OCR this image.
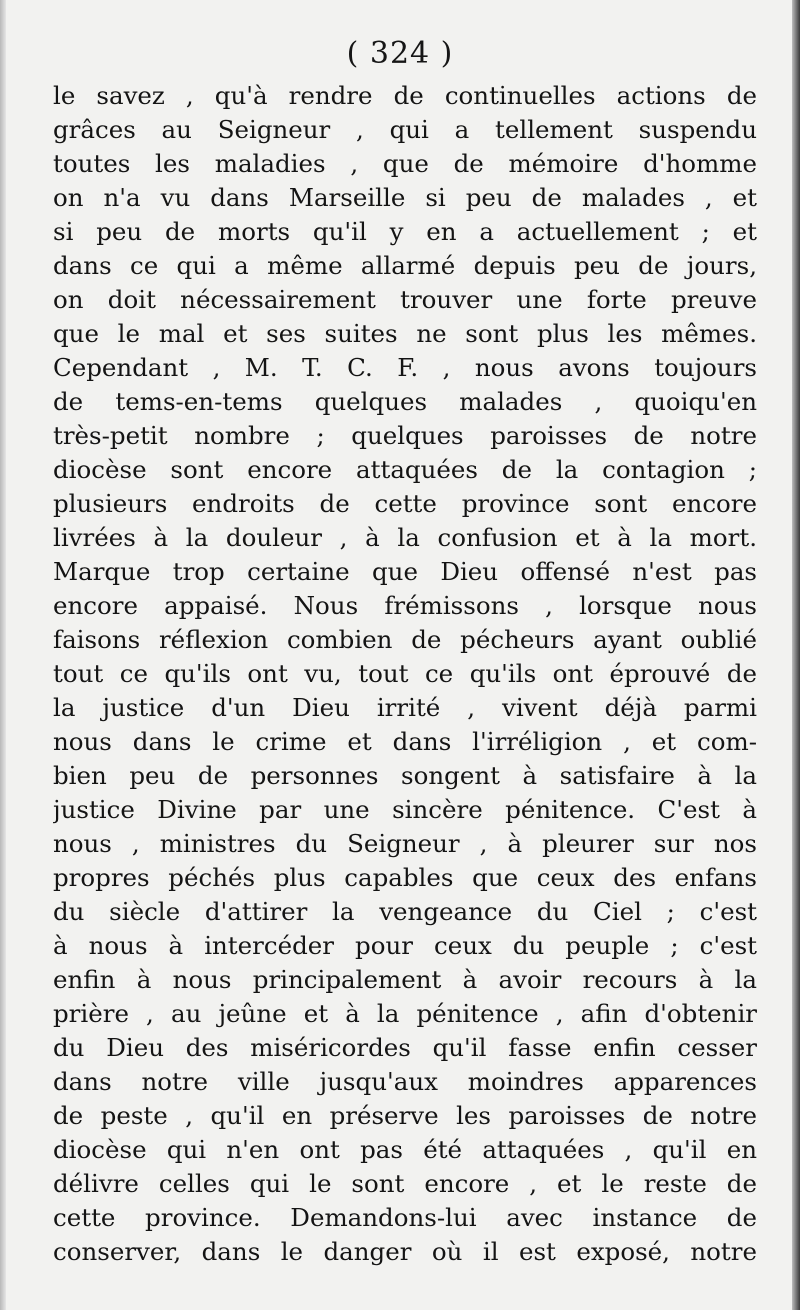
( 324 )
le savez , qu'à rendre de continuelles actions de
grâces au Seigneur , qui a tellement suspendu
toutes les maladies , que de mémoire d'homme
on n'a vu dans Marseille si peu de malades , et
si peu de morts qu'il y en a actuellement ; et
dans ce qui a même allarmé depuis peu de jours,
on doit nécessairement trouver une forte preuve
que le mal et ses suites ne sont plus les mêmes.
Cependant , M. T. C. F. , nous avons toujours
de tems-en-tems quelques malades , quoiqu'en
très-petit nombre ; quelques paroisses de notre
diocèse sont encore attaquées de la contagion ;
plusieurs endroits de cette province sont encore
livrées à la douleur , à la confusion et à la mort.
Marque trop certaine que Dieu offensé n'est pas
encore appaisé. Nous frémissons , lorsque nous
faisons réflexion combien de pécheurs ayant oublié
tout ce qu'ils ont vu, tout ce qu'ils ont éprouvé de
la justice d'un Dieu irrité , vivent déjà parmi
nous dans le crime et dans l'irréligion , et com-
bien peu de personnes songent à satisfaire à la
justice Divine par une sincère pénitence. C'est à
nous , ministres du Seigneur , à pleurer sur nos
propres péchés plus capables que ceux des enfans
du siècle d'attirer la vengeance du Ciel ; c'est
à nous à intercéder pour ceux du peuple ; c'est
enfin à nous principalement à avoir recours à la
prière , au jeûne et à la pénitence , afin d'obtenir
du Dieu des miséricordes qu'il fasse enfin cesser
dans notre ville jusqu'aux moindres apparences
de peste , qu'il en préserve les paroisses de notre
diocèse qui n'en ont pas été attaquées , qu'il en
délivre celles qui le sont encore , et le reste de
cette province. Demandons-lui avec instance de
conserver, dans le danger où il est exposé, notre
